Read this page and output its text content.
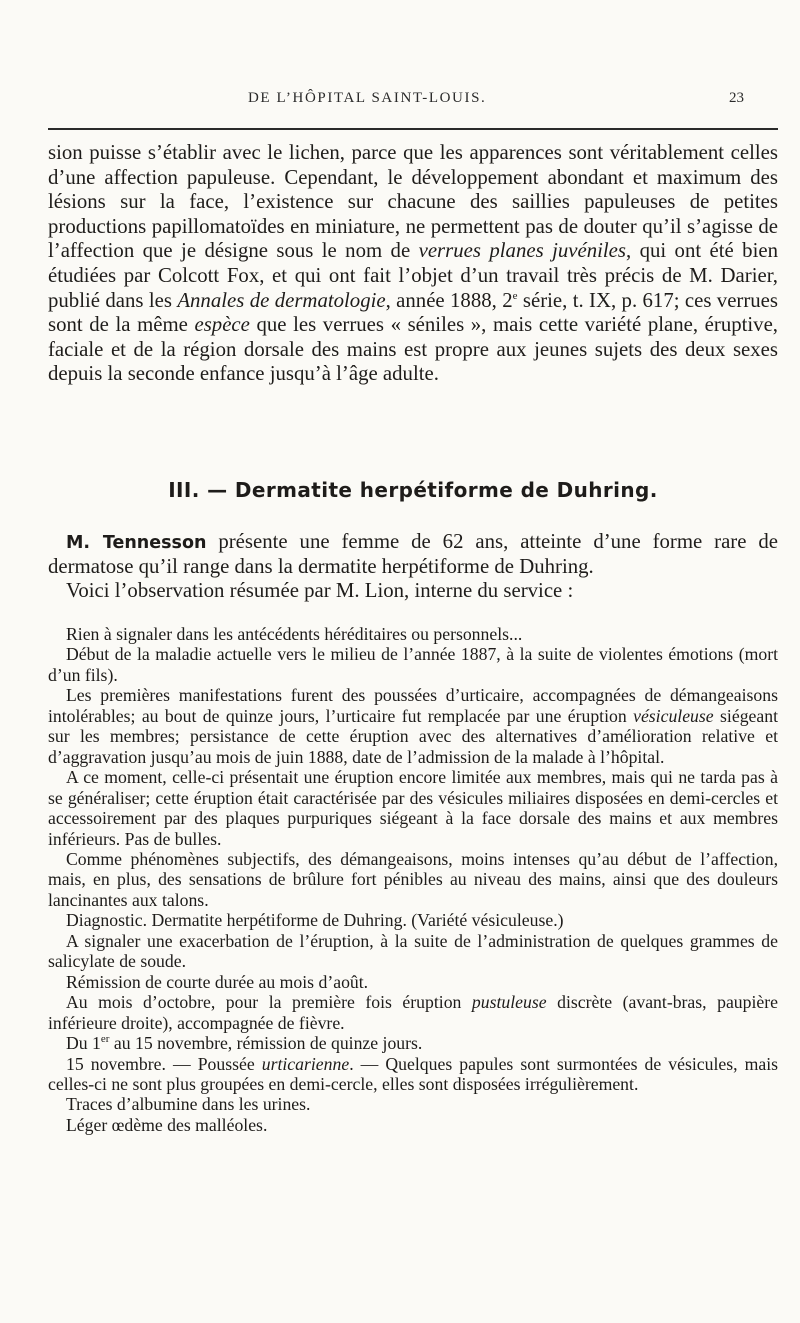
DE L’HÔPITAL SAINT-LOUIS.	23

sion puisse s’établir avec le lichen, parce que les apparences sont véritablement celles d’une affection papuleuse. Cependant, le développement abondant et maximum des lésions sur la face, l’existence sur chacune des saillies papuleuses de petites productions papillomatoïdes en miniature, ne permettent pas de douter qu’il s’agisse de l’affection que je désigne sous le nom de verrues planes juvéniles, qui ont été bien étudiées par Colcott Fox, et qui ont fait l’objet d’un travail très précis de M. Darier, publié dans les Annales de dermatologie, année 1888, 2e série, t. IX, p. 617; ces verrues sont de la même espèce que les verrues « séniles », mais cette variété plane, éruptive, faciale et de la région dorsale des mains est propre aux jeunes sujets des deux sexes depuis la seconde enfance jusqu’à l’âge adulte.

III. — Dermatite herpétiforme de Duhring.

M. Tennesson présente une femme de 62 ans, atteinte d’une forme rare de dermatose qu’il range dans la dermatite herpétiforme de Duhring.

Voici l’observation résumée par M. Lion, interne du service :

Rien à signaler dans les antécédents héréditaires ou personnels...

Début de la maladie actuelle vers le milieu de l’année 1887, à la suite de violentes émotions (mort d’un fils).

Les premières manifestations furent des poussées d’urticaire, accompagnées de démangeaisons intolérables; au bout de quinze jours, l’urticaire fut remplacée par une éruption vésiculeuse siégeant sur les membres; persistance de cette éruption avec des alternatives d’amélioration relative et d’aggravation jusqu’au mois de juin 1888, date de l’admission de la malade à l’hôpital.

A ce moment, celle-ci présentait une éruption encore limitée aux membres, mais qui ne tarda pas à se généraliser; cette éruption était caractérisée par des vésicules miliaires disposées en demi-cercles et accessoirement par des plaques purpuriques siégeant à la face dorsale des mains et aux membres inférieurs. Pas de bulles.

Comme phénomènes subjectifs, des démangeaisons, moins intenses qu’au début de l’affection, mais, en plus, des sensations de brûlure fort pénibles au niveau des mains, ainsi que des douleurs lancinantes aux talons.

Diagnostic. Dermatite herpétiforme de Duhring. (Variété vésiculeuse.)

A signaler une exacerbation de l’éruption, à la suite de l’administration de quelques grammes de salicylate de soude.

Rémission de courte durée au mois d’août.

Au mois d’octobre, pour la première fois éruption pustuleuse discrète (avant-bras, paupière inférieure droite), accompagnée de fièvre.

Du 1er au 15 novembre, rémission de quinze jours.

15 novembre. — Poussée urticarienne. — Quelques papules sont surmontées de vésicules, mais celles-ci ne sont plus groupées en demi-cercle, elles sont disposées irrégulièrement.

Traces d’albumine dans les urines.

Léger œdème des malléoles.
